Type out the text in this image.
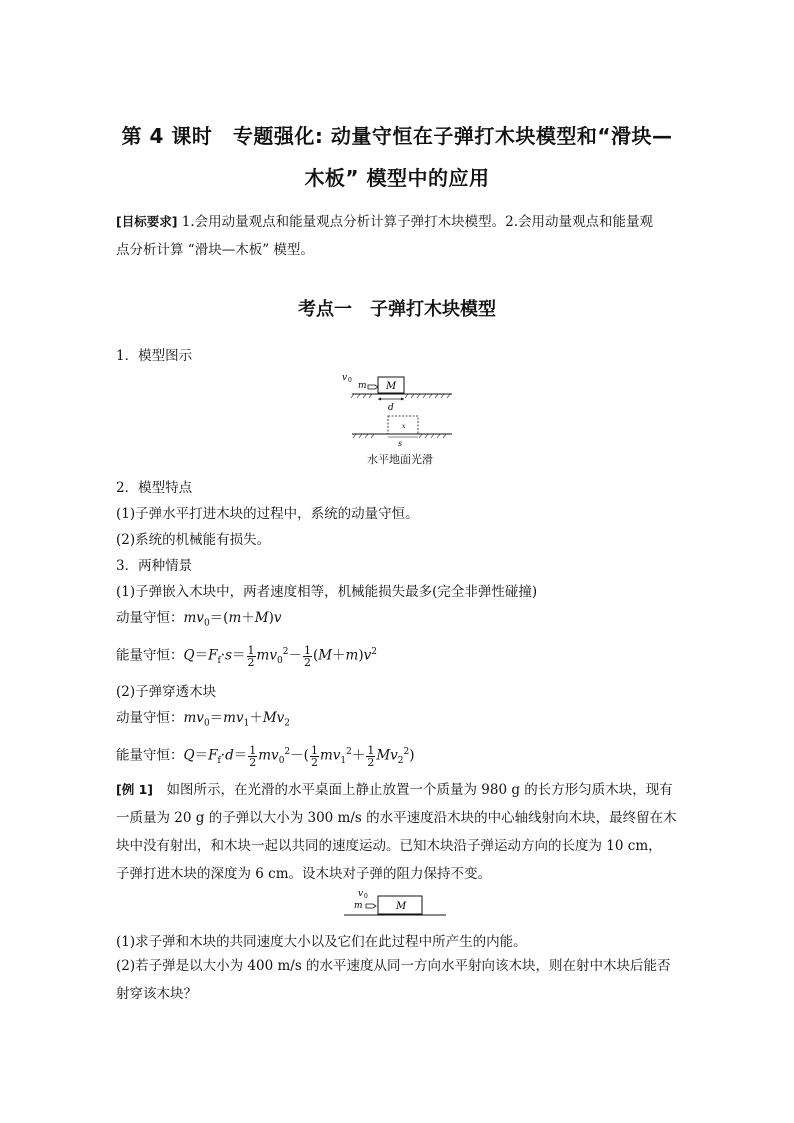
第 4 课时　专题强化: 动量守恒在子弹打木块模型和“滑块—
木板” 模型中的应用
[目标要求] 1.会用动量观点和能量观点分析计算子弹打木块模型。2.会用动量观点和能量观
点分析计算 “滑块—木板” 模型。
考点一　子弹打木块模型
1．模型图示
v 0
m M
d
x
s
水平地面光滑
2．模型特点
(1)子弹水平打进木块的过程中，系统的动量守恒。
(2)系统的机械能有损失。
3．两种情景
(1)子弹嵌入木块中，两者速度相等，机械能损失最多(完全非弹性碰撞)
动量守恒：$mv_0=(m+M)v$
能量守恒：$Q=F_f\cdot s= \frac{1}{2} mv_0^2- \frac{1}{2} (M+m)v^2$
(2)子弹穿透木块
动量守恒：$mv_0=mv_1+Mv_2$
能量守恒：$Q=F_f\cdot d= \frac{1}{2} mv_0^2-( \frac{1}{2} mv_1^2+ \frac{1}{2} Mv_2^2)$
[例 1]　如图所示，在光滑的水平桌面上静止放置一个质量为 980 g 的长方形匀质木块，现有
一质量为 20 g 的子弹以大小为 300 m/s 的水平速度沿木块的中心轴线射向木块，最终留在木
块中没有射出，和木块一起以共同的速度运动。已知木块沿子弹运动方向的长度为 10 cm，
子弹打进木块的深度为 6 cm。设木块对子弹的阻力保持不变。
v 0
m	M
(1)求子弹和木块的共同速度大小以及它们在此过程中所产生的内能。
(2)若子弹是以大小为 400 m/s 的水平速度从同一方向水平射向该木块，则在射中木块后能否
射穿该木块？
